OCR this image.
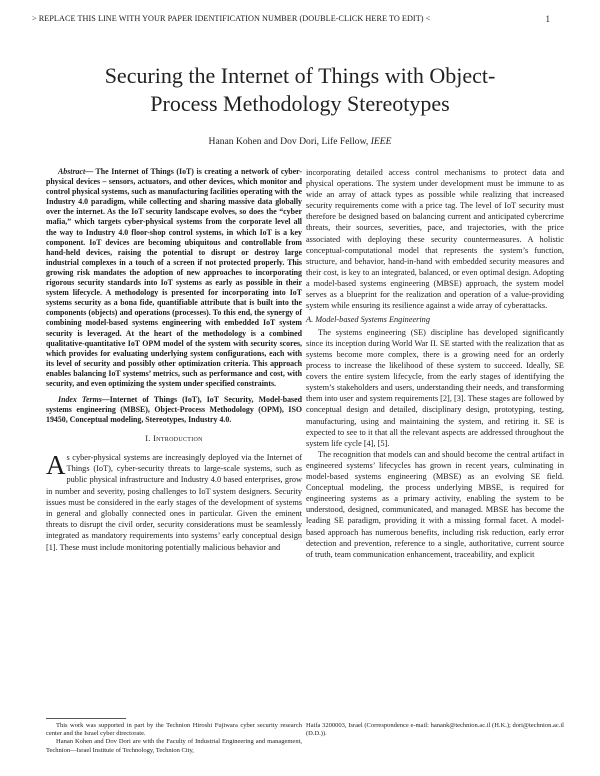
> REPLACE THIS LINE WITH YOUR PAPER IDENTIFICATION NUMBER (DOUBLE-CLICK HERE TO EDIT) <	1
Securing the Internet of Things with Object-
Process Methodology Stereotypes
Hanan Kohen and Dov Dori, Life Fellow, IEEE

Abstract— The Internet of Things (IoT) is creating a network of cyber-physical devices – sensors, actuators, and other devices, which monitor and control physical systems, such as manufacturing facilities operating with the Industry 4.0 paradigm, while collecting and sharing massive data globally over the internet. As the IoT security landscape evolves, so does the “cyber mafia,” which targets cyber-physical systems from the corporate level all the way to Industry 4.0 floor-shop control systems, in which IoT is a key component. IoT devices are becoming ubiquitous and controllable from hand-held devices, raising the potential to disrupt or destroy large industrial complexes in a touch of a screen if not protected properly. This growing risk mandates the adoption of new approaches to incorporating rigorous security standards into IoT systems as early as possible in their system lifecycle. A methodology is presented for incorporating into IoT systems security as a bona fide, quantifiable attribute that is built into the components (objects) and operations (processes). To this end, the synergy of combining model-based systems engineering with embedded IoT system security is leveraged. At the heart of the methodology is a combined qualitative-quantitative IoT OPM model of the system with security scores, which provides for evaluating underlying system configurations, each with its level of security and possibly other optimization criteria. This approach enables balancing IoT systems’ metrics, such as performance and cost, with security, and even optimizing the system under specified constraints.

Index Terms—Internet of Things (IoT), IoT Security, Model-based systems engineering (MBSE), Object-Process Methodology (OPM), ISO 19450, Conceptual modeling, Stereotypes, Industry 4.0.

I. Introduction
As cyber-physical systems are increasingly deployed via the Internet of Things (IoT), cyber-security threats to large-scale systems, such as public physical infrastructure and Industry 4.0 based enterprises, grow in number and severity, posing challenges to IoT system designers. Security issues must be considered in the early stages of the development of systems in general and globally connected ones in particular. Given the eminent threats to disrupt the civil order, security considerations must be seamlessly integrated as mandatory requirements into systems’ early conceptual design [1]. These must include monitoring potentially malicious behavior and

incorporating detailed access control mechanisms to protect data and physical operations. The system under development must be immune to as wide an array of attack types as possible while realizing that increased security requirements come with a price tag. The level of IoT security must therefore be designed based on balancing current and anticipated cybercrime threats, their sources, severities, pace, and trajectories, with the price associated with deploying these security countermeasures. A holistic conceptual-computational model that represents the system’s function, structure, and behavior, hand-in-hand with embedded security measures and their cost, is key to an integrated, balanced, or even optimal design. Adopting a model-based systems engineering (MBSE) approach, the system model serves as a blueprint for the realization and operation of a value-providing system while ensuring its resilience against a wide array of cyberattacks.

A. Model-based Systems Engineering

The systems engineering (SE) discipline has developed significantly since its inception during World War II. SE started with the realization that as systems become more complex, there is a growing need for an orderly process to increase the likelihood of these system to succeed. Ideally, SE covers the entire system lifecycle, from the early stages of identifying the system’s stakeholders and users, understanding their needs, and transforming them into user and system requirements [2], [3]. These stages are followed by conceptual design and detailed, disciplinary design, prototyping, testing, manufacturing, using and maintaining the system, and retiring it. SE is expected to see to it that all the relevant aspects are addressed throughout the system life cycle [4], [5].

The recognition that models can and should become the central artifact in engineered systems’ lifecycles has grown in recent years, culminating in model-based systems engineering (MBSE) as an evolving SE field. Conceptual modeling, the process underlying MBSE, is required for engineering systems as a primary activity, enabling the system to be understood, designed, communicated, and managed. MBSE has become the leading SE paradigm, providing it with a missing formal facet. A model-based approach has numerous benefits, including risk reduction, early error detection and prevention, reference to a single, authoritative, current source of truth, team communication enhancement, traceability, and explicit

This work was supported in part by the Technion Hiroshi Fujiwara cyber security research center and the Israel cyber directorate.
Hanan Kohen and Dov Dori are with the Faculty of Industrial Engineering and management, Technion—Israel Institute of Technology, Technion City,
Haifa 3200003, Israel (Correspondence e-mail: hanank@technion.ac.il (H.K.); dori@technion.ac.il (D.D.)).
